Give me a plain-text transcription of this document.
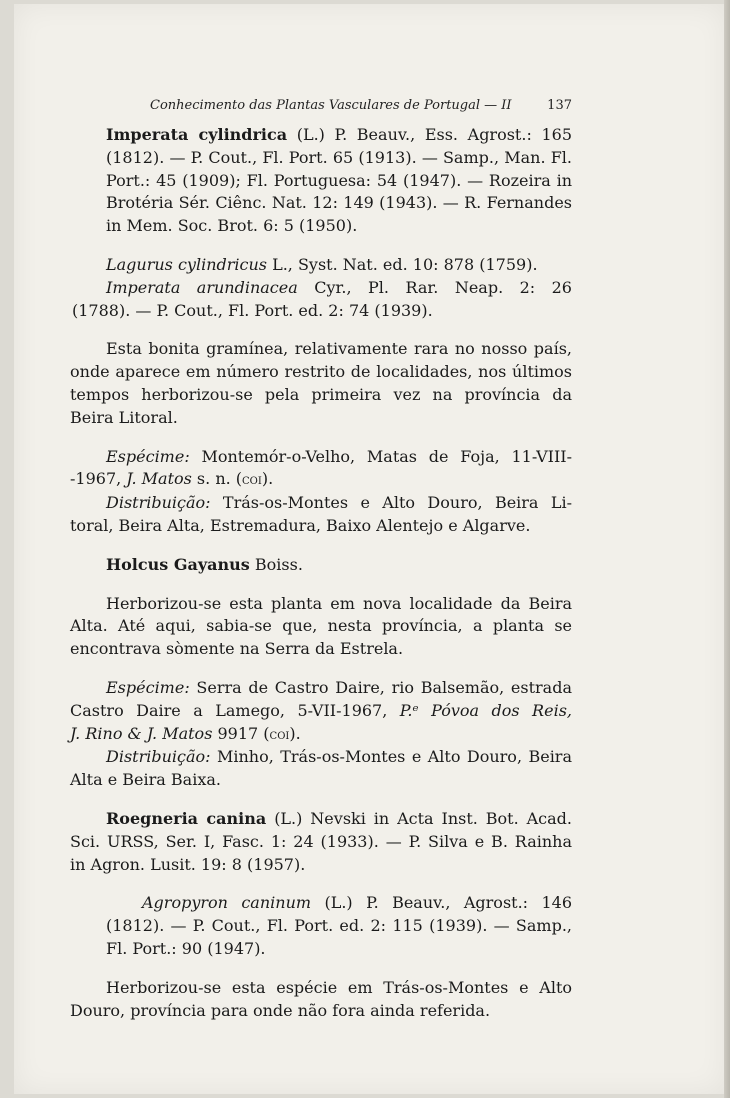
Conhecimento das Plantas Vasculares de Portugal — II	137

Imperata cylindrica (L.) P. Beauv., Ess. Agrost.: 165
(1812). — P. Cout., Fl. Port. 65 (1913). — Samp., Man. Fl.
Port.: 45 (1909); Fl. Portuguesa: 54 (1947). — Rozeira in
Brotéria Sér. Ciênc. Nat. 12: 149 (1943). — R. Fernandes
in Mem. Soc. Brot. 6: 5 (1950).

Lagurus cylindricus L., Syst. Nat. ed. 10: 878 (1759).
Imperata arundinacea Cyr., Pl. Rar. Neap. 2: 26

(1788). — P. Cout., Fl. Port. ed. 2: 74 (1939).

Esta bonita gramínea, relativamente rara no nosso país,
onde aparece em número restrito de localidades, nos últimos
tempos herborizou-se pela primeira vez na província da
Beira Litoral.

Espécime: Montemór-o-Velho, Matas de Foja, 11-VIII-
-1967, J. Matos s. n. (coi).

Distribuição: Trás-os-Montes e Alto Douro, Beira Li-
toral, Beira Alta, Estremadura, Baixo Alentejo e Algarve.

Holcus Gayanus Boiss.

Herborizou-se esta planta em nova localidade da Beira
Alta. Até aqui, sabia-se que, nesta província, a planta se
encontrava sòmente na Serra da Estrela.

Espécime: Serra de Castro Daire, rio Balsemão, estrada
Castro Daire a Lamego, 5-VII-1967, P.ᵉ Póvoa dos Reis,
J. Rino & J. Matos 9917 (coi).

Distribuição: Minho, Trás-os-Montes e Alto Douro, Beira
Alta e Beira Baixa.

Roegneria canina (L.) Nevski in Acta Inst. Bot. Acad.
Sci. URSS, Ser. I, Fasc. 1: 24 (1933). — P. Silva e B. Rainha
in Agron. Lusit. 19: 8 (1957).

Agropyron caninum (L.) P. Beauv., Agrost.: 146
(1812). — P. Cout., Fl. Port. ed. 2: 115 (1939). — Samp.,
Fl. Port.: 90 (1947).

Herborizou-se esta espécie em Trás-os-Montes e Alto
Douro, província para onde não fora ainda referida.
